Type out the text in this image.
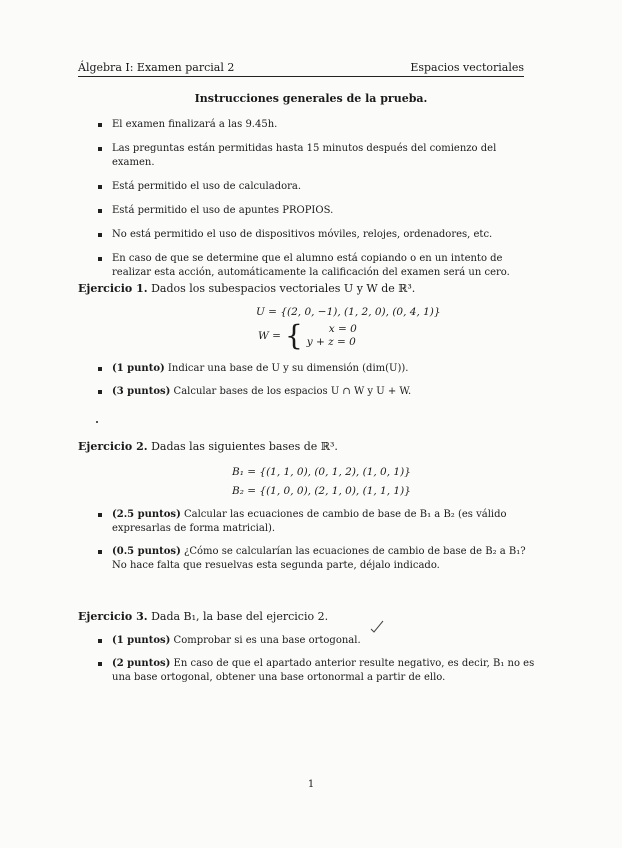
Álgebra I: Examen parcial 2	Espacios vectoriales
Instrucciones generales de la prueba.
El examen finalizará a las 9.45h.
Las preguntas están permitidas hasta 15 minutos después del comienzo del examen.
Está permitido el uso de calculadora.
Está permitido el uso de apuntes PROPIOS.
No está permitido el uso de dispositivos móviles, relojes, ordenadores, etc.
En caso de que se determine que el alumno está copiando o en un intento de realizar esta acción, automáticamente la calificación del examen será un cero.
Ejercicio 1. Dados los subespacios vectoriales U y W de ℝ³.
U = {(2, 0, −1), (1, 2, 0), (0, 4, 1)}
W = {	x = 0
y + z = 0
(1 punto) Indicar una base de U y su dimensión (dim(U)).
(3 puntos) Calcular bases de los espacios U ∩ W y U + W.
Ejercicio 2. Dadas las siguientes bases de ℝ³.
B₁ = {(1, 1, 0), (0, 1, 2), (1, 0, 1)}
B₂ = {(1, 0, 0), (2, 1, 0), (1, 1, 1)}
(2.5 puntos) Calcular las ecuaciones de cambio de base de B₁ a B₂ (es válido expresarlas de forma matricial).
(0.5 puntos) ¿Cómo se calcularían las ecuaciones de cambio de base de B₂ a B₁? No hace falta que resuelvas esta segunda parte, déjalo indicado.
Ejercicio 3. Dada B₁, la base del ejercicio 2.
(1 puntos) Comprobar si es una base ortogonal.
(2 puntos) En caso de que el apartado anterior resulte negativo, es decir, B₁ no es una base ortogonal, obtener una base ortonormal a partir de ello.
1
